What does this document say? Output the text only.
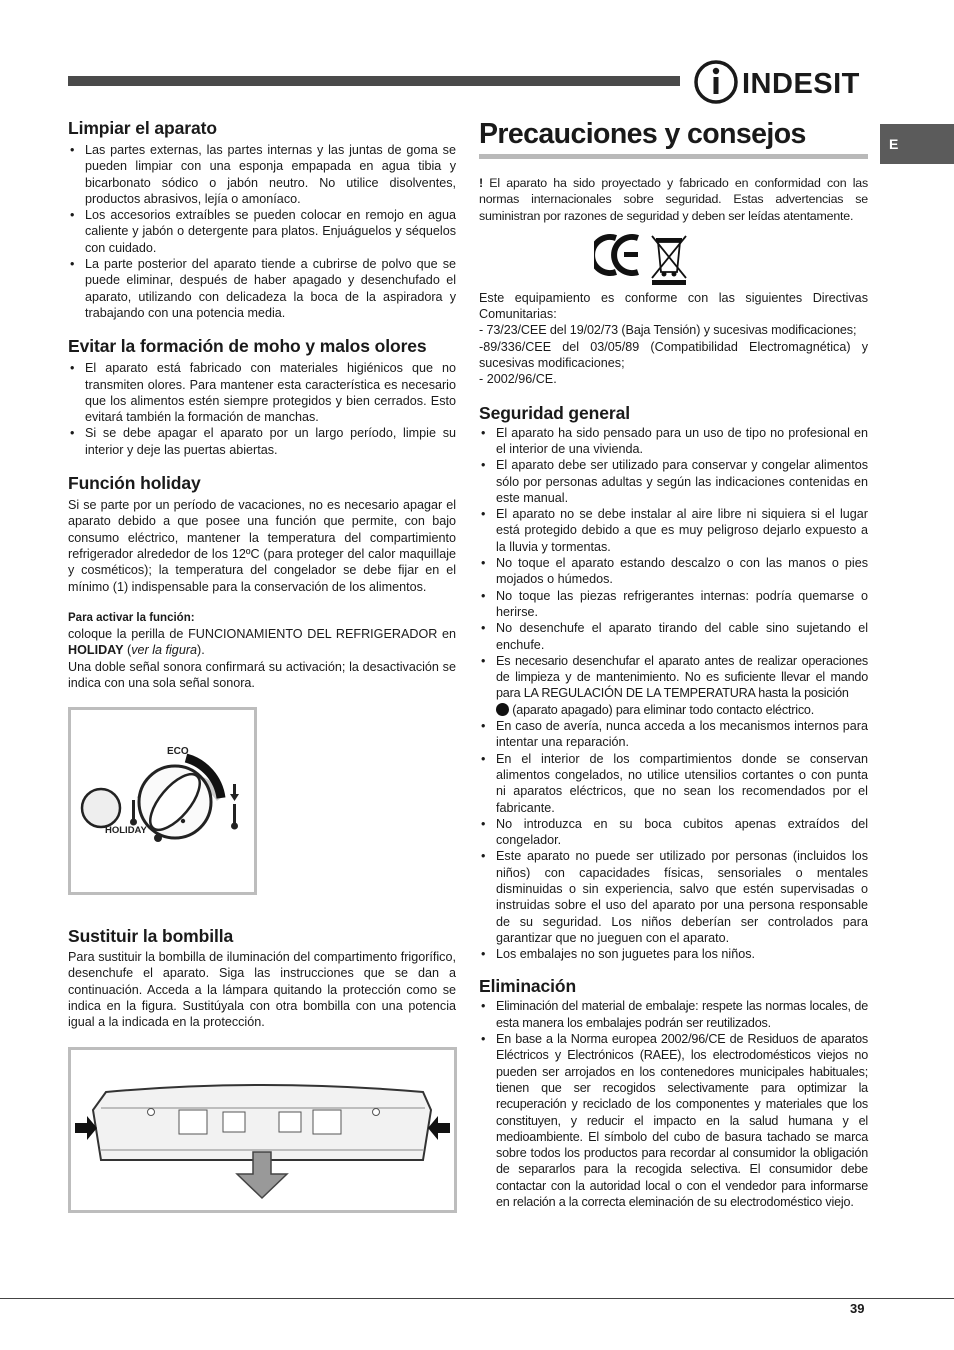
INDESIT
E
Limpiar el aparato
• Las partes externas, las partes internas y las juntas de goma se pueden limpiar con una esponja empapada en agua tibia y bicarbonato sódico o jabón neutro. No utilice disolventes, productos abrasivos, lejía o amoníaco.
• Los accesorios extraíbles se pueden colocar en remojo en agua caliente y jabón o detergente para platos. Enjuáguelos y séquelos con cuidado.
• La parte posterior del aparato tiende a cubrirse de polvo que se puede eliminar, después de haber apagado y desenchufado el aparato, utilizando con delicadeza la boca de la aspiradora y trabajando con una potencia media.
Evitar la formación de moho y malos olores
• El aparato está fabricado con materiales higiénicos que no transmiten olores. Para mantener esta característica es necesario que los alimentos estén siempre protegidos y bien cerrados. Esto evitará también la formación de manchas.
• Si se debe apagar el aparato por un largo período, limpie su interior y deje las puertas abiertas.
Función holiday

Si se parte por un período de vacaciones, no es necesario apagar el aparato debido a que posee una función que permite, con bajo consumo eléctrico, mantener la temperatura del compartimiento refrigerador alrededor de los 12ºC (para proteger del calor maquillaje y cosméticos); la temperatura del congelador se debe fijar en el mínimo (1) indispensable para la conservación de los alimentos.

Para activar la función:

coloque la perilla de FUNCIONAMIENTO DEL REFRIGERADOR en HOLIDAY (ver la figura).

Una doble señal sonora confirmará su activación; la desactivación se indica con una sola señal sonora.

ECO
HOLIDAY
Sustituir la bombilla

Para sustituir la bombilla de iluminación del compartimento frigorífico, desenchufe el aparato. Siga las instrucciones que se dan a continuación. Acceda a la lámpara quitando la protección como se indica en la figura. Sustitúyala con otra bombilla con una potencia igual a la indicada en la protección.

Precauciones y consejos

! El aparato ha sido proyectado y fabricado en conformidad con las normas internacionales sobre seguridad. Estas advertencias se suministran por razones de seguridad y deben ser leídas atentamente.

Este equipamiento es conforme con las siguientes Directivas Comunitarias:

- 73/23/CEE del 19/02/73 (Baja Tensión) y sucesivas modificaciones;

-89/336/CEE del 03/05/89 (Compatibilidad Electromagnética) y sucesivas modificaciones;

- 2002/96/CE.

Seguridad general
• El aparato ha sido pensado para un uso de tipo no profesional en el interior de una vivienda.
• El aparato debe ser utilizado para conservar y congelar alimentos sólo por personas adultas y según las indicaciones contenidas en este manual.
• El aparato no se debe instalar al aire libre ni siquiera si el lugar está protegido debido a que es muy peligroso dejarlo expuesto a la lluvia y tormentas.
• No toque el aparato estando descalzo o con las manos o pies mojados o húmedos.
• No toque las piezas refrigerantes internas: podría quemarse o herirse.
• No desenchufe el aparato tirando del cable sino sujetando el enchufe.
• Es necesario desenchufar el aparato antes de realizar operaciones de limpieza y de mantenimiento. No es suficiente llevar el mando para LA REGULACIÓN DE LA TEMPERATURA hasta la posición
(aparato apagado) para eliminar todo contacto eléctrico.
• En caso de avería, nunca acceda a los mecanismos internos para intentar una reparación.
• En el interior de los compartimientos donde se conservan alimentos congelados, no utilice utensilios cortantes o con punta ni aparatos eléctricos, que no sean los recomendados por el fabricante.
• No introduzca en su boca cubitos apenas extraídos del congelador.
• Este aparato no puede ser utilizado por personas (incluidos los niños) con capacidades físicas, sensoriales o mentales disminuidas o sin experiencia, salvo que estén supervisadas o instruidas sobre el uso del aparato por una persona responsable de su seguridad. Los niños deberían ser controlados para garantizar que no jueguen con el aparato.
• Los embalajes no son juguetes para los niños.
Eliminación
• Eliminación del material de embalaje: respete las normas locales, de esta manera los embalajes podrán ser reutilizados.
• En base a la Norma europea 2002/96/CE de Residuos de aparatos Eléctricos y Electrónicos (RAEE), los electrodomésticos viejos no pueden ser arrojados en los contenedores municipales habituales; tienen que ser recogidos selectivamente para optimizar la recuperación y reciclado de los componentes y materiales que los constituyen, y reducir el impacto en la salud humana y el medioambiente. El símbolo del cubo de basura tachado se marca sobre todos los productos para recordar al consumidor la obligación de separarlos para la recogida selectiva. El consumidor debe contactar con la autoridad local o con el vendedor para informarse en relación a la correcta eleminación de su electrodoméstico viejo.
39
